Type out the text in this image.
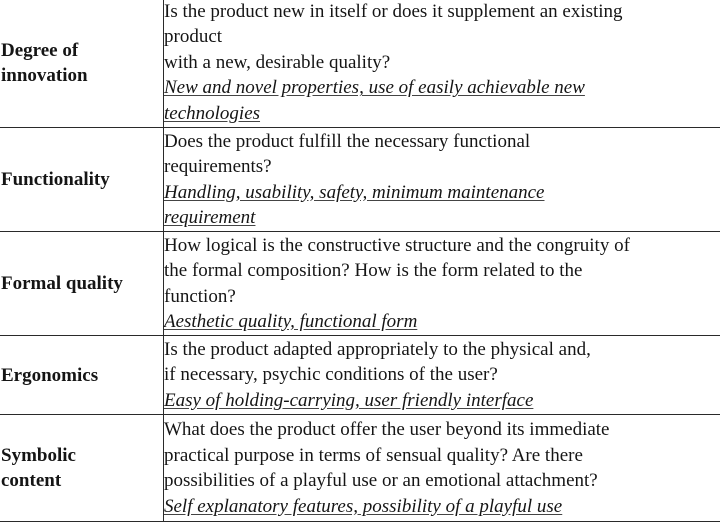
Degree of
innovation	Is the product new in itself or does it supplement an existing
product
with a new, desirable quality?
New and novel properties, use of easily achievable new
technologies

Functionality	Does the product fulfill the necessary functional
requirements?
Handling, usability, safety, minimum maintenance
requirement

Formal quality	How logical is the constructive structure and the congruity of
the formal composition? How is the form related to the
function?
Aesthetic quality, functional form

Ergonomics	Is the product adapted appropriately to the physical and,
if necessary, psychic conditions of the user?
Easy of holding-carrying, user friendly interface

Symbolic
content	What does the product offer the user beyond its immediate
practical purpose in terms of sensual quality? Are there
possibilities of a playful use or an emotional attachment?
Self explanatory features, possibility of a playful use
